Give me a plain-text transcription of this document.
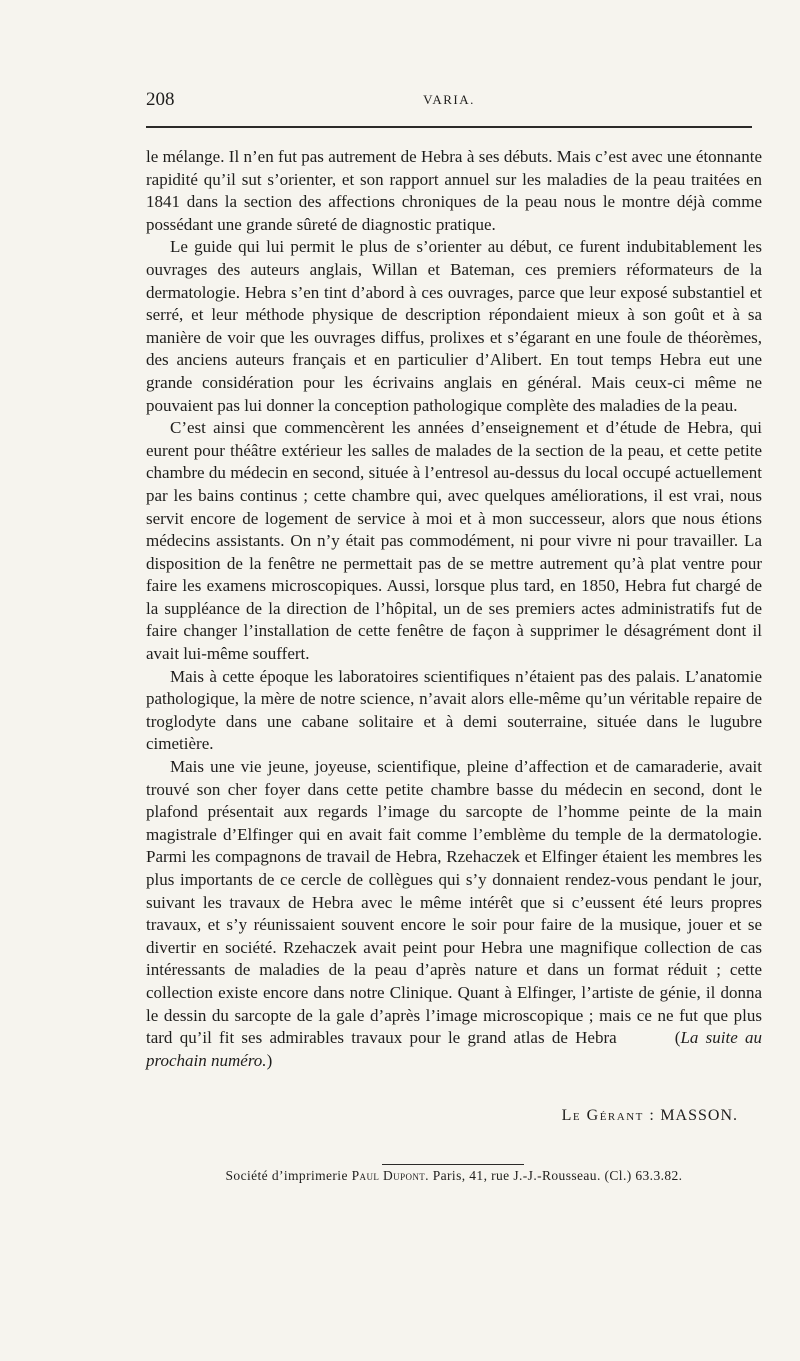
208	VARIA.

le mélange. Il n’en fut pas autrement de Hebra à ses débuts. Mais c’est avec une étonnante rapidité qu’il sut s’orienter, et son rapport annuel sur les maladies de la peau traitées en 1841 dans la section des affections chroniques de la peau nous le montre déjà comme possédant une grande sûreté de diagnostic pratique.

Le guide qui lui permit le plus de s’orienter au début, ce furent indubitablement les ouvrages des auteurs anglais, Willan et Bateman, ces premiers réformateurs de la dermatologie. Hebra s’en tint d’abord à ces ouvrages, parce que leur exposé substantiel et serré, et leur méthode physique de description répondaient mieux à son goût et à sa manière de voir que les ouvrages diffus, prolixes et s’égarant en une foule de théorèmes, des anciens auteurs français et en particulier d’Alibert. En tout temps Hebra eut une grande considération pour les écrivains anglais en général. Mais ceux-ci même ne pouvaient pas lui donner la conception pathologique complète des maladies de la peau.

C’est ainsi que commencèrent les années d’enseignement et d’étude de Hebra, qui eurent pour théâtre extérieur les salles de malades de la section de la peau, et cette petite chambre du médecin en second, située à l’entresol au-dessus du local occupé actuellement par les bains continus ; cette chambre qui, avec quelques améliorations, il est vrai, nous servit encore de logement de service à moi et à mon successeur, alors que nous étions médecins assistants. On n’y était pas commodément, ni pour vivre ni pour travailler. La disposition de la fenêtre ne permettait pas de se mettre autrement qu’à plat ventre pour faire les examens microscopiques. Aussi, lorsque plus tard, en 1850, Hebra fut chargé de la suppléance de la direction de l’hôpital, un de ses premiers actes administratifs fut de faire changer l’installation de cette fenêtre de façon à supprimer le désagrément dont il avait lui-même souffert.

Mais à cette époque les laboratoires scientifiques n’étaient pas des palais. L’anatomie pathologique, la mère de notre science, n’avait alors elle-même qu’un véritable repaire de troglodyte dans une cabane solitaire et à demi souterraine, située dans le lugubre cimetière.

Mais une vie jeune, joyeuse, scientifique, pleine d’affection et de camaraderie, avait trouvé son cher foyer dans cette petite chambre basse du médecin en second, dont le plafond présentait aux regards l’image du sarcopte de l’homme peinte de la main magistrale d’Elfinger qui en avait fait comme l’emblème du temple de la dermatologie. Parmi les compagnons de travail de Hebra, Rzehaczek et Elfinger étaient les membres les plus importants de ce cercle de collègues qui s’y donnaient rendez-vous pendant le jour, suivant les travaux de Hebra avec le même intérêt que si c’eussent été leurs propres travaux, et s’y réunissaient souvent encore le soir pour faire de la musique, jouer et se divertir en société. Rzehaczek avait peint pour Hebra une magnifique collection de cas intéressants de maladies de la peau d’après nature et dans un format réduit ; cette collection existe encore dans notre Clinique. Quant à Elfinger, l’artiste de génie, il donna le dessin du sarcopte de la gale d’après l’image microscopique ; mais ce ne fut que plus tard qu’il fit ses admirables travaux pour le grand atlas de Hebra	(La suite au prochain numéro.)

Le Gérant : MASSON.
Société d’imprimerie Paul Dupont. Paris, 41, rue J.-J.-Rousseau. (Cl.) 63.3.82.
